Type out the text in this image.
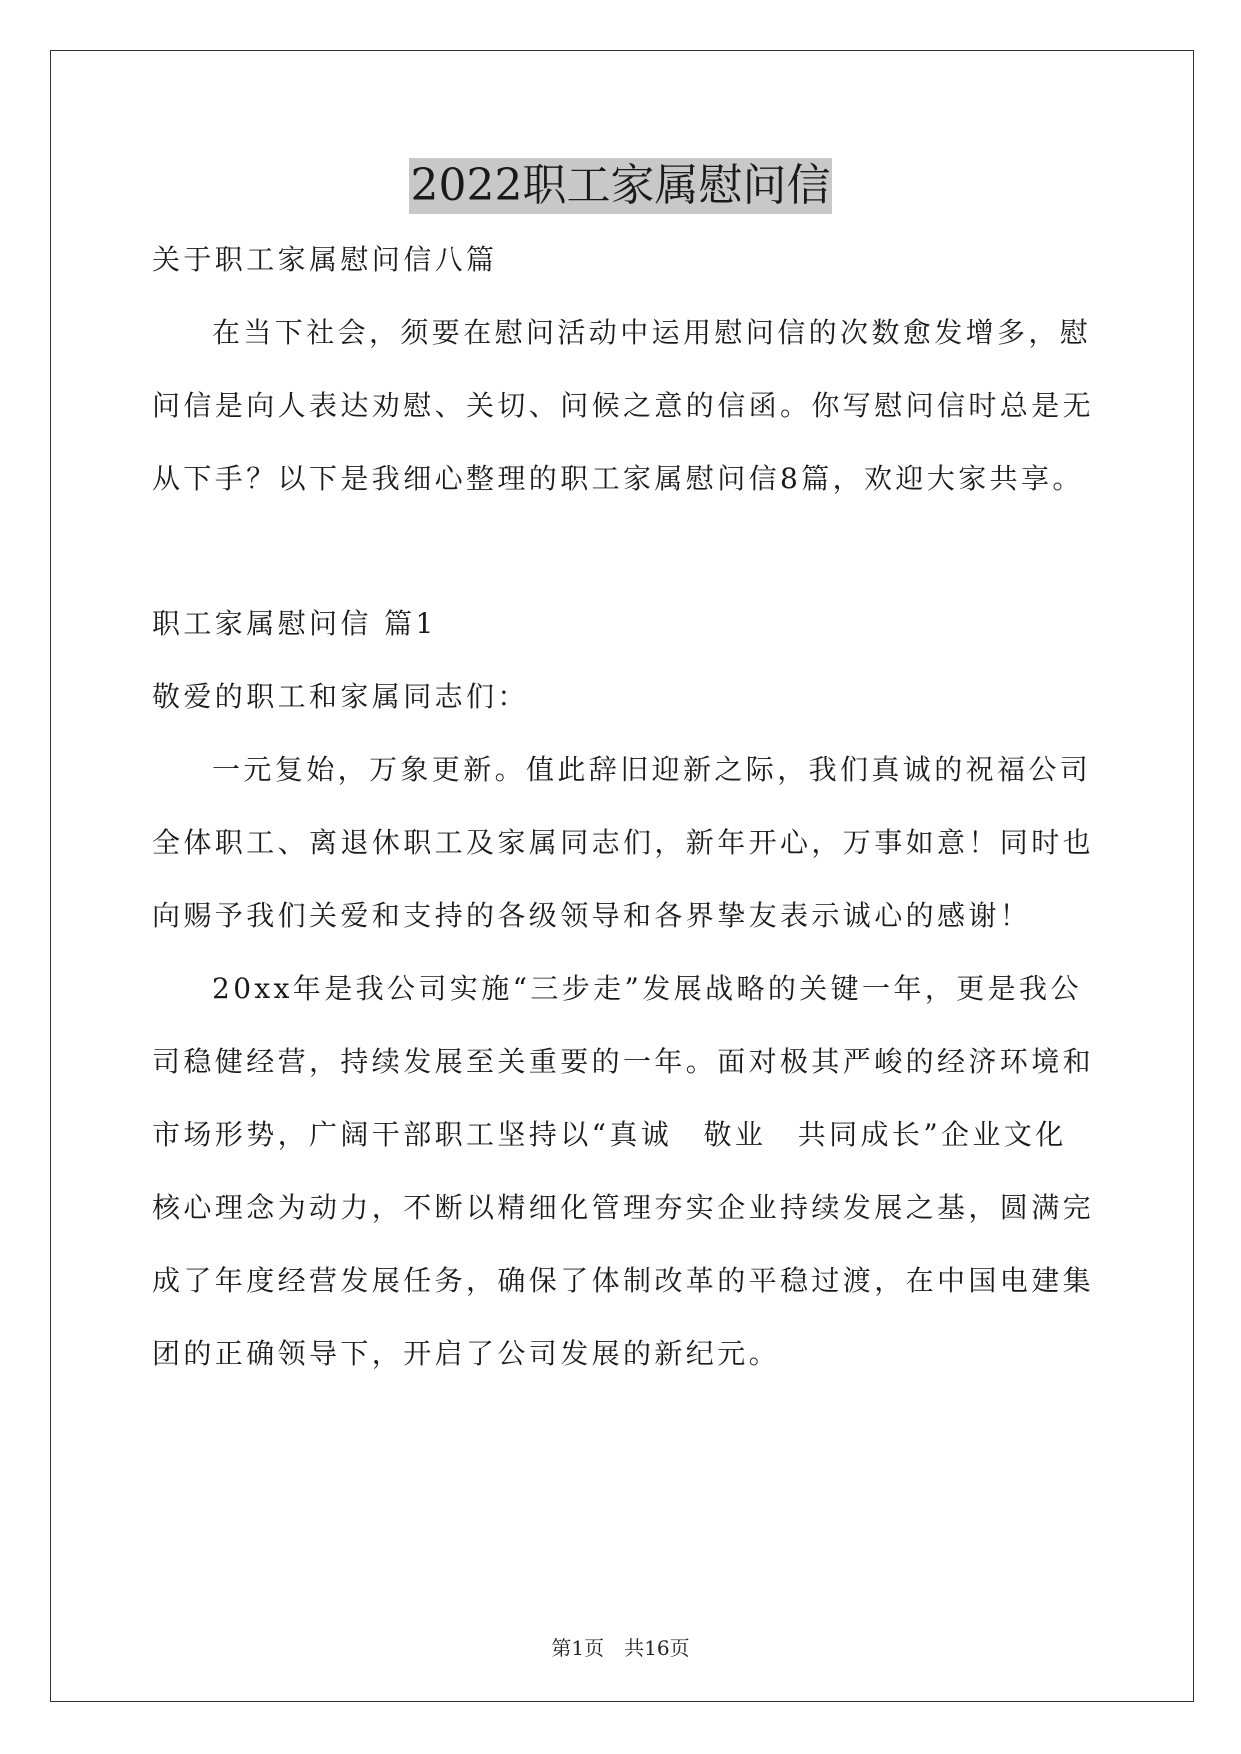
2022职工家属慰问信
关于职工家属慰问信八篇
在当下社会，须要在慰问活动中运用慰问信的次数愈发增多，慰
问信是向人表达劝慰、关切、问候之意的信函。你写慰问信时总是无
从下手？以下是我细心整理的职工家属慰问信8篇，欢迎大家共享。
职工家属慰问信 篇1
敬爱的职工和家属同志们：
一元复始，万象更新。值此辞旧迎新之际，我们真诚的祝福公司
全体职工、离退休职工及家属同志们，新年开心，万事如意！同时也
向赐予我们关爱和支持的各级领导和各界挚友表示诚心的感谢！
20xx年是我公司实施“三步走”发展战略的关键一年，更是我公
司稳健经营，持续发展至关重要的一年。面对极其严峻的经济环境和
市场形势，广阔干部职工坚持以“真诚　敬业　共同成长”企业文化
核心理念为动力，不断以精细化管理夯实企业持续发展之基，圆满完
成了年度经营发展任务，确保了体制改革的平稳过渡，在中国电建集
团的正确领导下，开启了公司发展的新纪元。
第1页　共16页
